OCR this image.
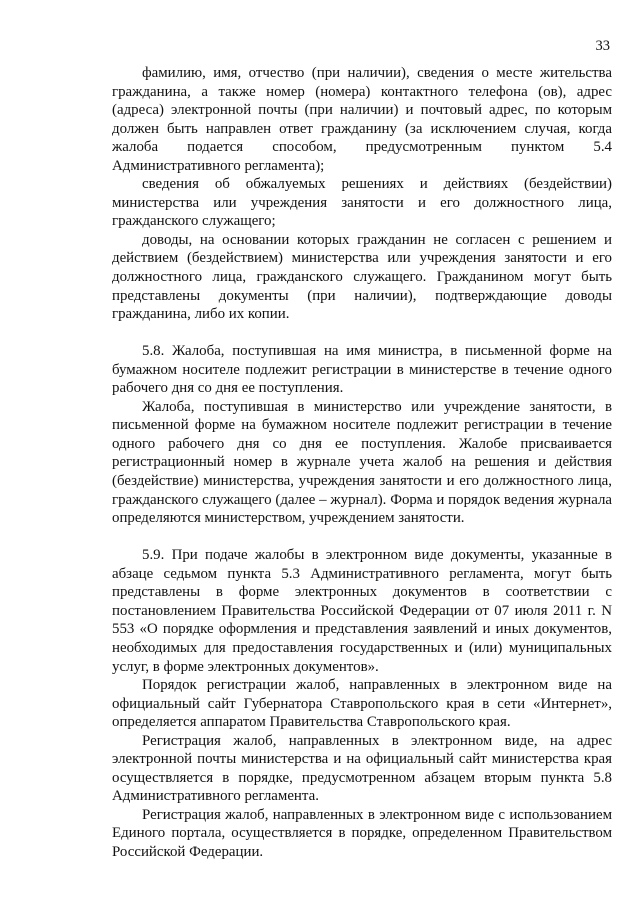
33

фамилию, имя, отчество (при наличии), сведения о месте жительства гражданина, а также номер (номера) контактного телефона (ов), адрес (адреса) электронной почты (при наличии) и почтовый адрес, по которым должен быть направлен ответ гражданину (за исключением случая, когда жалоба подается способом, предусмотренным пунктом 5.4 Административного регламента);

сведения об обжалуемых решениях и действиях (бездействии) министерства или учреждения занятости и его должностного лица, гражданского служащего;

доводы, на основании которых гражданин не согласен с решением и действием (бездействием) министерства или учреждения занятости и его должностного лица, гражданского служащего. Гражданином могут быть представлены документы (при наличии), подтверждающие доводы гражданина, либо их копии.

5.8. Жалоба, поступившая на имя министра, в письменной форме на бумажном носителе подлежит регистрации в министерстве в течение одного рабочего дня со дня ее поступления.

Жалоба, поступившая в министерство или учреждение занятости, в письменной форме на бумажном носителе подлежит регистрации в течение одного рабочего дня со дня ее поступления. Жалобе присваивается регистрационный номер в журнале учета жалоб на решения и действия (бездействие) министерства, учреждения занятости и его должностного лица, гражданского служащего (далее – журнал). Форма и порядок ведения журнала определяются министерством, учреждением занятости.

5.9. При подаче жалобы в электронном виде документы, указанные в абзаце седьмом пункта 5.3 Административного регламента, могут быть представлены в форме электронных документов в соответствии с постановлением Правительства Российской Федерации от 07 июля 2011 г. N 553 «О порядке оформления и представления заявлений и иных документов, необходимых для предоставления государственных и (или) муниципальных услуг, в форме электронных документов».

Порядок регистрации жалоб, направленных в электронном виде на официальный сайт Губернатора Ставропольского края в сети «Интернет», определяется аппаратом Правительства Ставропольского края.

Регистрация жалоб, направленных в электронном виде, на адрес электронной почты министерства и на официальный сайт министерства края осуществляется в порядке, предусмотренном абзацем вторым пункта 5.8 Административного регламента.

Регистрация жалоб, направленных в электронном виде с использованием Единого портала, осуществляется в порядке, определенном Правительством Российской Федерации.
